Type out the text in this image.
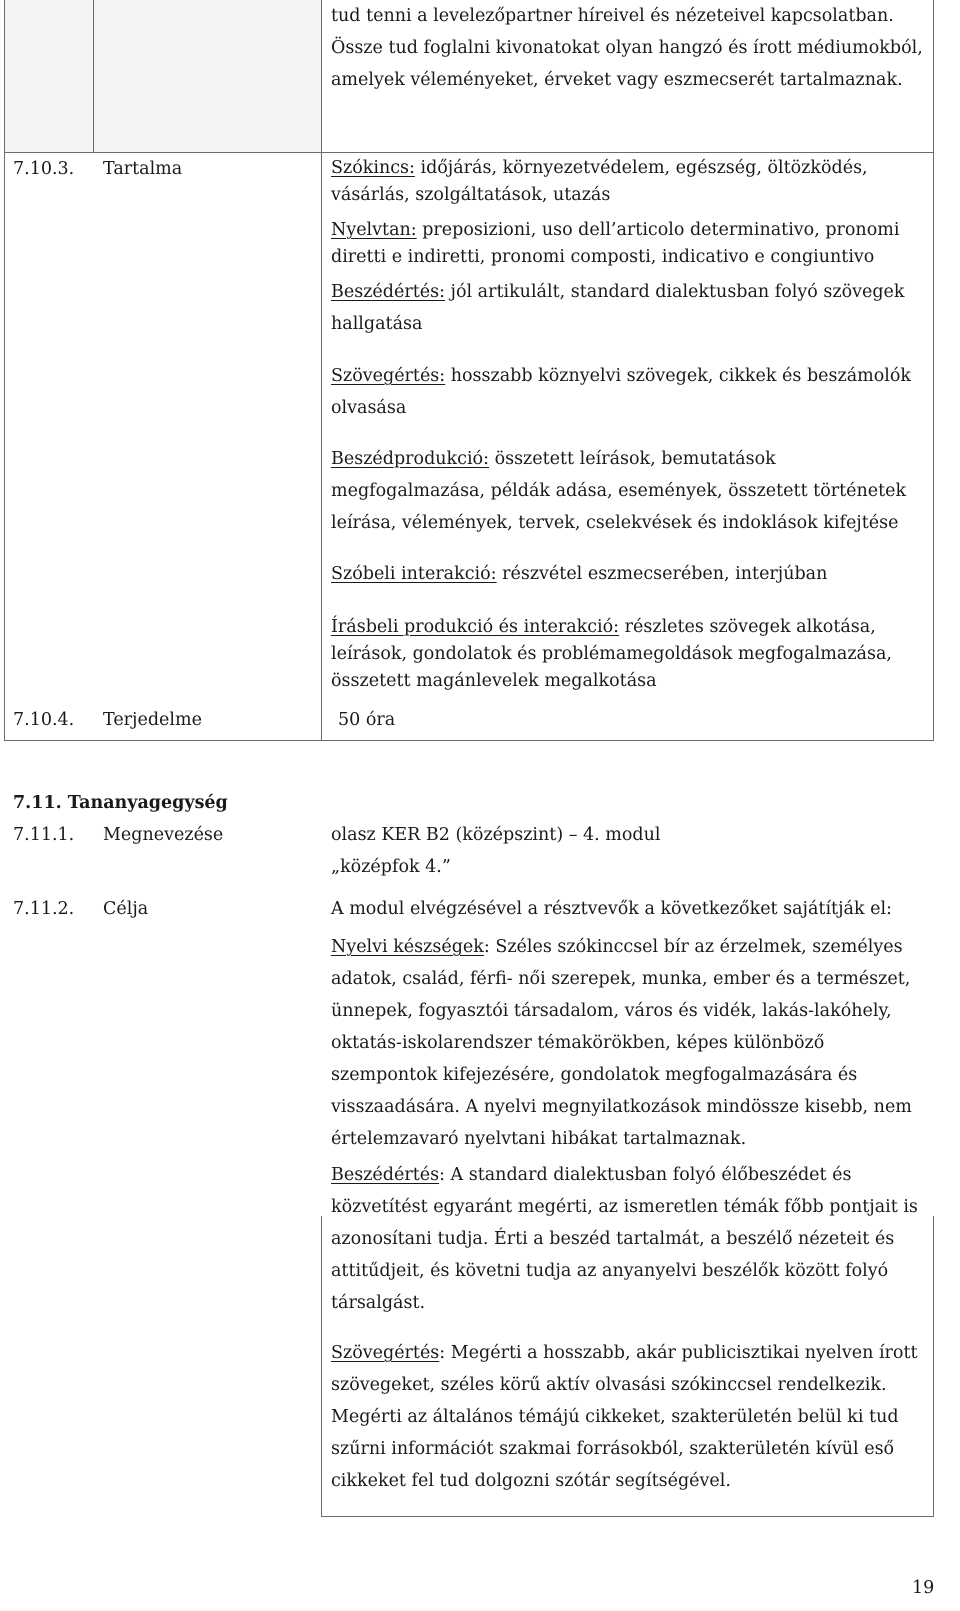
tud tenni a levelezőpartner híreivel és nézeteivel kapcsolatban. Össze tud foglalni kivonatokat olyan hangzó és írott médiumokból, amelyek véleményeket, érveket vagy eszmecserét tartalmaznak.
7.10.3. Tartalma	Szókincs: időjárás, környezetvédelem, egészség, öltözködés, vásárlás, szolgáltatások, utazás
Nyelvtan: preposizioni, uso dell’articolo determinativo, pronomi diretti e indiretti, pronomi composti, indicativo e congiuntivo
Beszédértés: jól artikulált, standard dialektusban folyó szövegek hallgatása
Szövegértés: hosszabb köznyelvi szövegek, cikkek és beszámolók olvasása
Beszédprodukció: összetett leírások, bemutatások megfogalmazása, példák adása, események, összetett történetek leírása, vélemények, tervek, cselekvések és indoklások kifejtése
Szóbeli interakció: részvétel eszmecserében, interjúban
Írásbeli produkció és interakció: részletes szövegek alkotása, leírások, gondolatok és problémamegoldások megfogalmazása, összetett magánlevelek megalkotása
7.10.4. Terjedelme	50 óra
7.11. Tananyagegység
7.11.1. Megnevezése	olasz KER B2 (középszint) – 4. modul
„középfok 4.”
7.11.2. Célja	A modul elvégzésével a résztvevők a következőket sajátítják el:
Nyelvi készségek: Széles szókinccsel bír az érzelmek, személyes adatok, család, férfi- női szerepek, munka, ember és a természet, ünnepek, fogyasztói társadalom, város és vidék, lakás-lakóhely, oktatás-iskolarendszer témakörökben, képes különböző szempontok kifejezésére, gondolatok megfogalmazására és visszaadására. A nyelvi megnyilatkozások mindössze kisebb, nem értelemzavaró nyelvtani hibákat tartalmaznak.
Beszédértés: A standard dialektusban folyó élőbeszédet és közvetítést egyaránt megérti, az ismeretlen témák főbb pontjait is azonosítani tudja. Érti a beszéd tartalmát, a beszélő nézeteit és attitűdjeit, és követni tudja az anyanyelvi beszélők között folyó társalgást.
Szövegértés: Megérti a hosszabb, akár publicisztikai nyelven írott szövegeket, széles körű aktív olvasási szókinccsel rendelkezik. Megérti az általános témájú cikkeket, szakterületén belül ki tud szűrni információt szakmai forrásokból, szakterületén kívül eső cikkeket fel tud dolgozni szótár segítségével.
19
